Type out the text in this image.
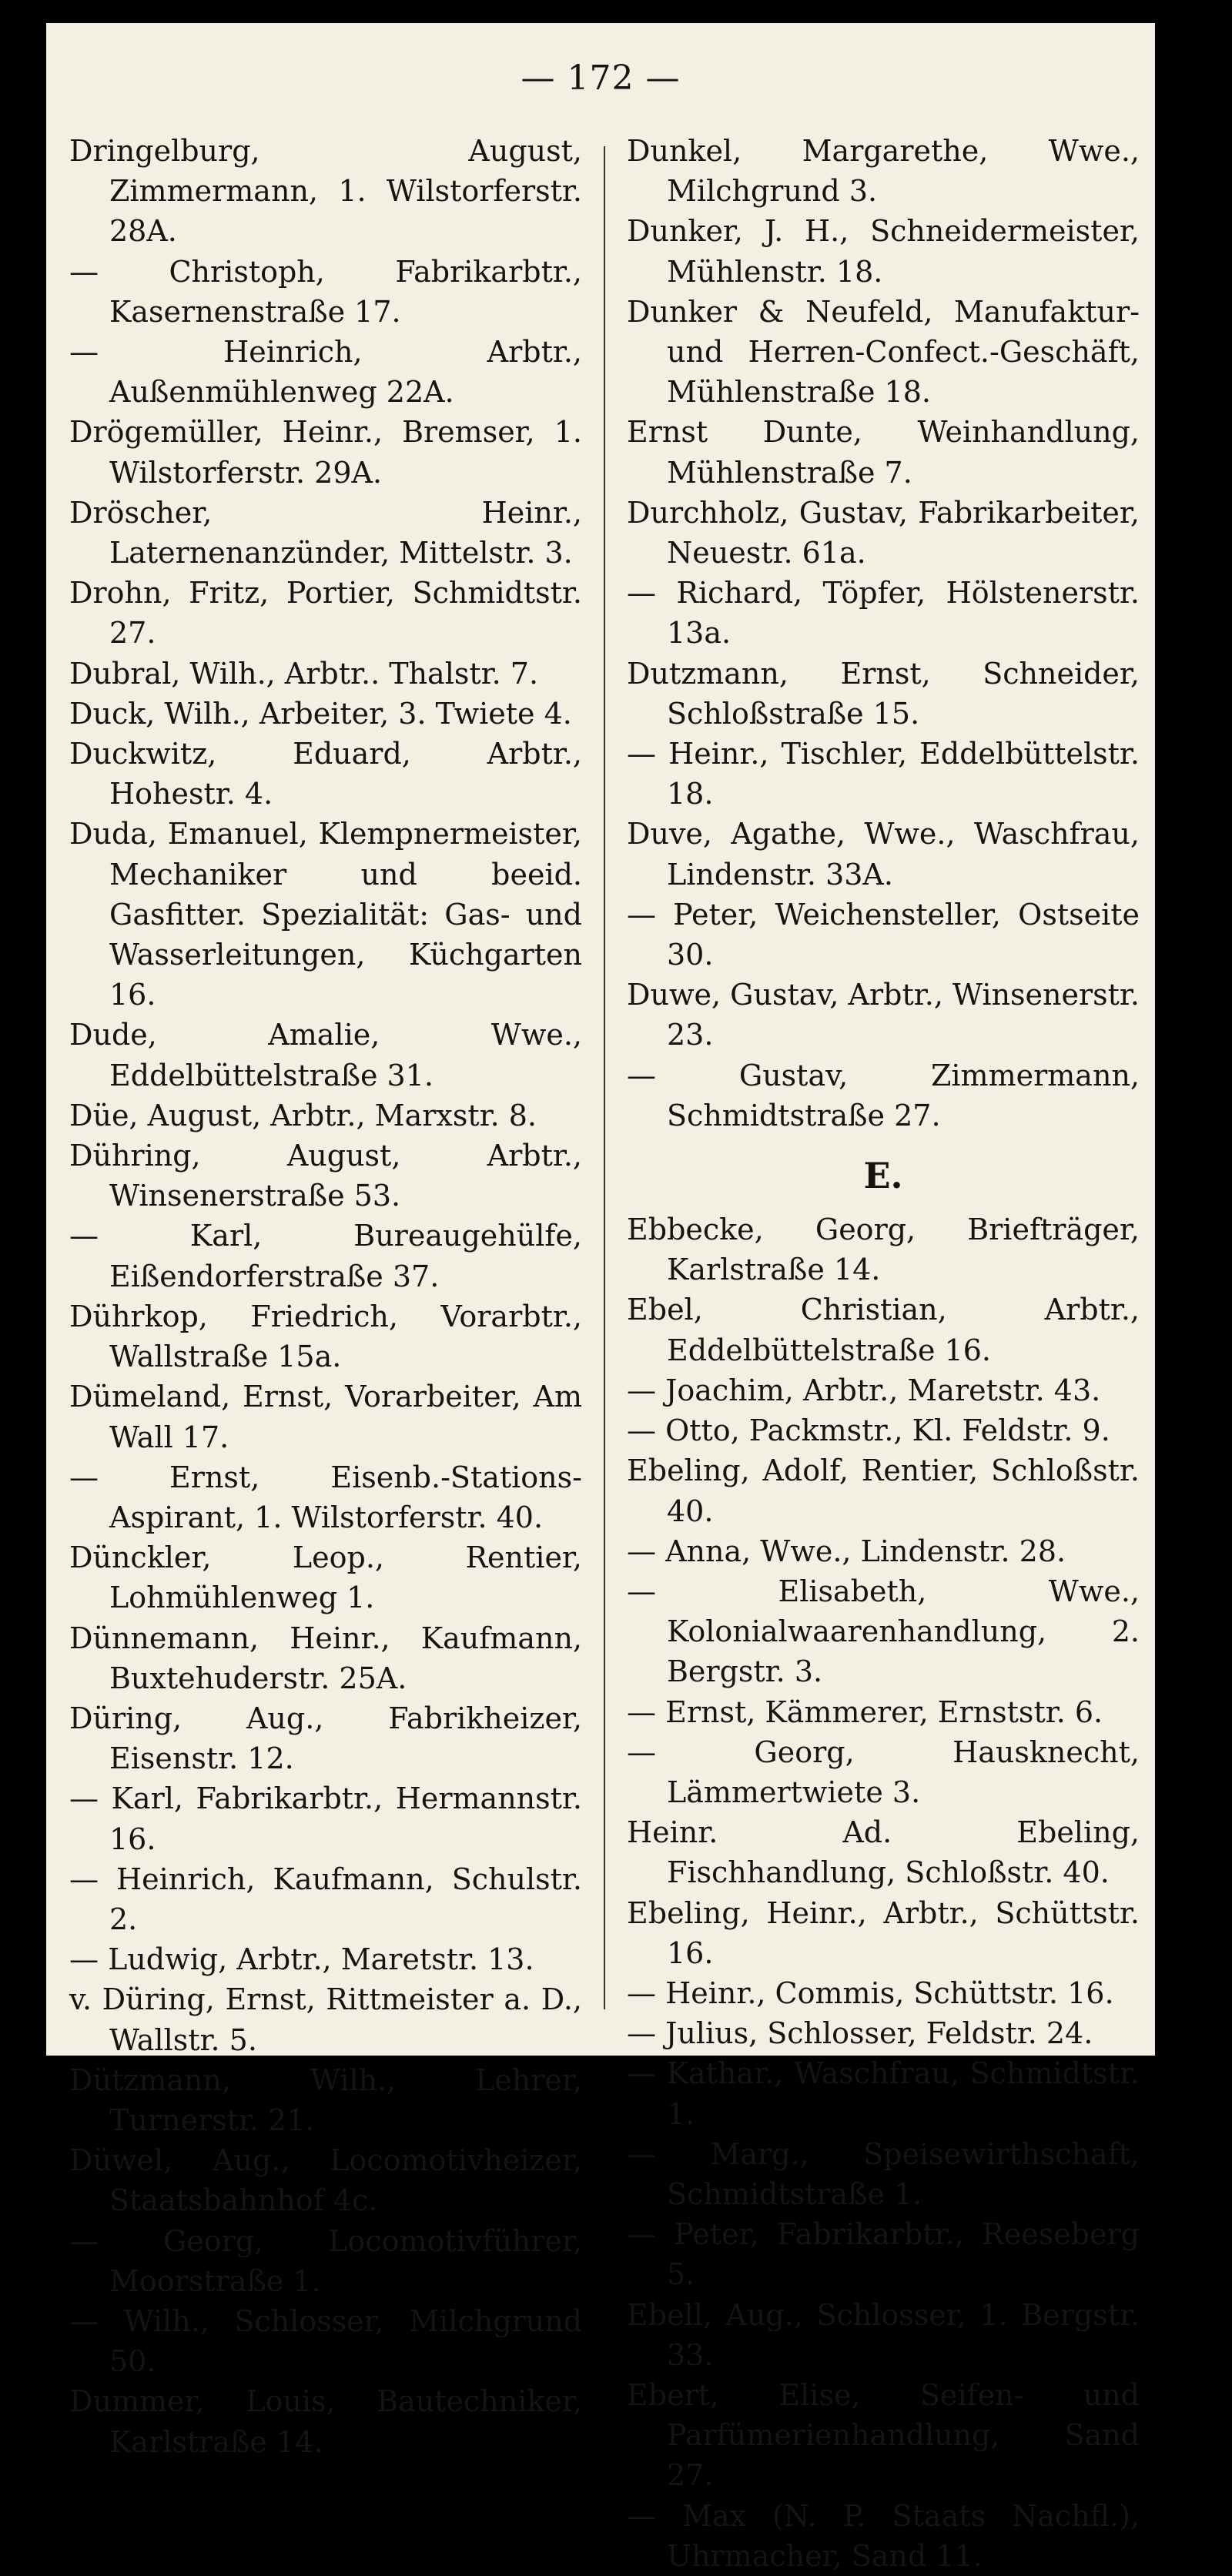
— 172 —

Dringelburg, August, Zimmermann, 1. Wilstorferstr. 28A.

— Christoph, Fabrikarbtr., Kasernenstraße 17.

— Heinrich, Arbtr., Außenmühlenweg 22A.

Drögemüller, Heinr., Bremser, 1. Wilstorferstr. 29A.

Dröscher, Heinr., Laternenanzünder, Mittelstr. 3.

Drohn, Fritz, Portier, Schmidtstr. 27.

Dubral, Wilh., Arbtr.. Thalstr. 7.

Duck, Wilh., Arbeiter, 3. Twiete 4.

Duckwitz, Eduard, Arbtr., Hohestr. 4.

Duda, Emanuel, Klempnermeister, Mechaniker und beeid. Gasfitter. Spezialität: Gas- und Wasserleitungen, Küchgarten 16.

Dude, Amalie, Wwe., Eddelbüttelstraße 31.

Düe, August, Arbtr., Marxstr. 8.

Dühring, August, Arbtr., Winsenerstraße 53.

— Karl, Bureaugehülfe, Eißendorferstraße 37.

Dührkop, Friedrich, Vorarbtr., Wallstraße 15a.

Dümeland, Ernst, Vorarbeiter, Am Wall 17.

— Ernst, Eisenb.-Stations-Aspirant, 1. Wilstorferstr. 40.

Dünckler, Leop., Rentier, Lohmühlenweg 1.

Dünnemann, Heinr., Kaufmann, Buxtehuderstr. 25A.

Düring, Aug., Fabrikheizer, Eisenstr. 12.

— Karl, Fabrikarbtr., Hermannstr. 16.

— Heinrich, Kaufmann, Schulstr. 2.

— Ludwig, Arbtr., Maretstr. 13.

v. Düring, Ernst, Rittmeister a. D., Wallstr. 5.

Dützmann, Wilh., Lehrer, Turnerstr. 21.

Düwel, Aug., Locomotivheizer, Staatsbahnhof 4c.

— Georg, Locomotivführer, Moorstraße 1.

— Wilh., Schlosser, Milchgrund 50.

Dummer, Louis, Bautechniker, Karlstraße 14.

Dunkel, Margarethe, Wwe., Milchgrund 3.

Dunker, J. H., Schneidermeister, Mühlenstr. 18.

Dunker & Neufeld, Manufaktur- und Herren-Confect.-Geschäft, Mühlenstraße 18.

Ernst Dunte, Weinhandlung, Mühlenstraße 7.

Durchholz, Gustav, Fabrikarbeiter, Neuestr. 61a.

— Richard, Töpfer, Hölstenerstr. 13a.

Dutzmann, Ernst, Schneider, Schloßstraße 15.

— Heinr., Tischler, Eddelbüttelstr. 18.

Duve, Agathe, Wwe., Waschfrau, Lindenstr. 33A.

— Peter, Weichensteller, Ostseite 30.

Duwe, Gustav, Arbtr., Winsenerstr. 23.

— Gustav, Zimmermann, Schmidtstraße 27.

E.

Ebbecke, Georg, Briefträger, Karlstraße 14.

Ebel, Christian, Arbtr., Eddelbüttelstraße 16.

— Joachim, Arbtr., Maretstr. 43.

— Otto, Packmstr., Kl. Feldstr. 9.

Ebeling, Adolf, Rentier, Schloßstr. 40.

— Anna, Wwe., Lindenstr. 28.

— Elisabeth, Wwe., Kolonialwaarenhandlung, 2. Bergstr. 3.

— Ernst, Kämmerer, Ernststr. 6.

— Georg, Hausknecht, Lämmertwiete 3.

Heinr. Ad. Ebeling, Fischhandlung, Schloßstr. 40.

Ebeling, Heinr., Arbtr., Schüttstr. 16.

— Heinr., Commis, Schüttstr. 16.

— Julius, Schlosser, Feldstr. 24.

— Kathar., Waschfrau, Schmidtstr. 1.

— Marg., Speisewirthschaft, Schmidtstraße 1.

— Peter, Fabrikarbtr., Reeseberg 5.

Ebell, Aug., Schlosser, 1. Bergstr. 33.

Ebert, Elise, Seifen- und Parfümerienhandlung, Sand 27.

— Max (N. P. Staats Nachfl.), Uhrmacher, Sand 11.
